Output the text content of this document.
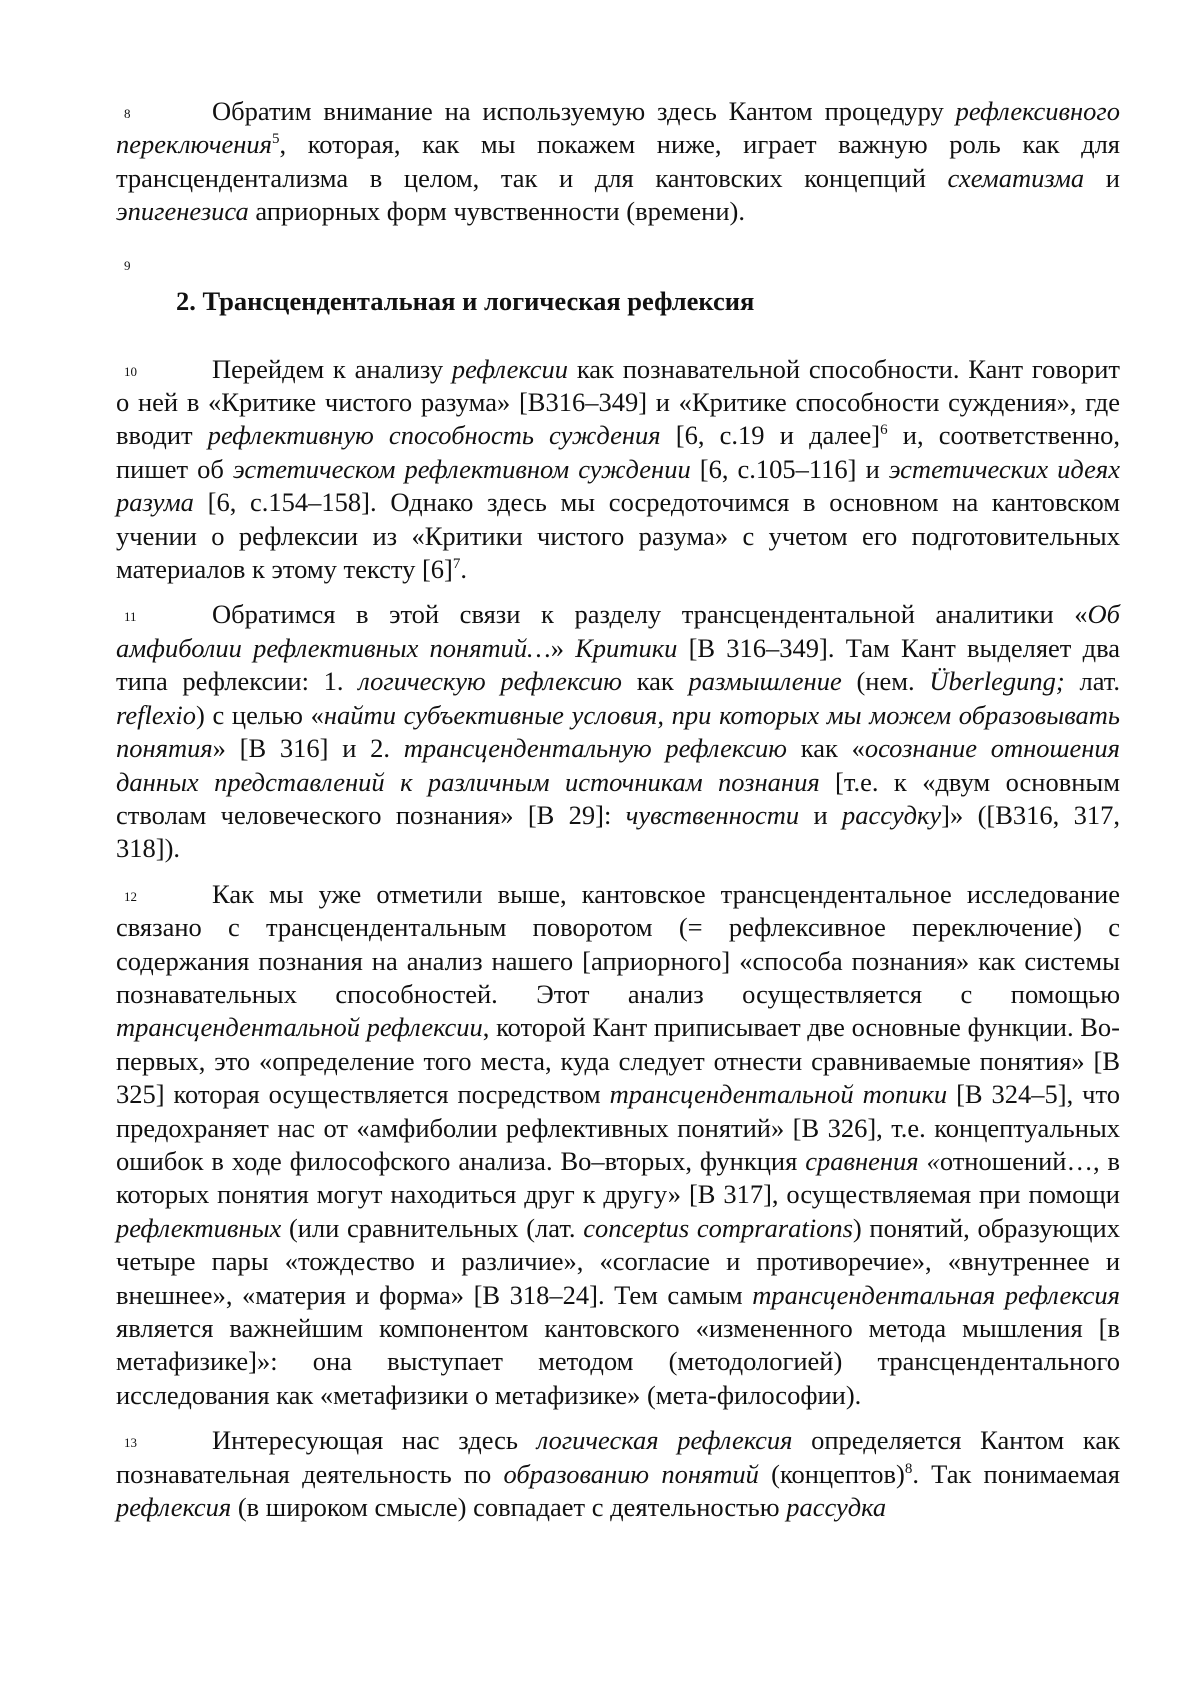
8	Обратим внимание на используемую здесь Кантом процедуру рефлексивного переключения$^5$, которая, как мы покажем ниже, играет важную роль как для трансцендентализма в целом, так и для кантовских концепций схематизма и эпигенезиса априорных форм чувственности (времени).

9
2. Трансцендентальная и логическая рефлексия

10	Перейдем к анализу рефлексии как познавательной способности. Кант говорит о ней в «Критике чистого разума» [B316–349] и «Критике способности суждения», где вводит рефлективную способность суждения [6, с.19 и далее]$^6$ и, соответственно, пишет об эстетическом рефлективном суждении [6, с.105–116] и эстетических идеях разума [6, с.154–158]. Однако здесь мы сосредоточимся в основном на кантовском учении о рефлексии из «Критики чистого разума» с учетом его подготовительных материалов к этому тексту $[6]^7$.

11	Обратимся в этой связи к разделу трансцендентальной аналитики «Об амфиболии рефлективных понятий…» Критики [В 316–349]. Там Кант выделяет два типа рефлексии: 1. логическую рефлексию как размышление (нем. Überlegung; лат. reflexio) с целью «найти субъективные условия, при которых мы можем образовывать понятия» [В 316] и 2. трансцендентальную рефлексию как «осознание отношения данных представлений к различным источникам познания [т.е. к «двум основным стволам человеческого познания» [В 29]: чувственности и рассудку]» ([В316, 317, 318]).

12	Как мы уже отметили выше, кантовское трансцендентальное исследование связано с трансцендентальным поворотом (= рефлексивное переключение) с содержания познания на анализ нашего [априорного] «способа познания» как системы познавательных способностей. Этот анализ осуществляется с помощью трансцендентальной рефлексии, которой Кант приписывает две основные функции. Во-первых, это «определение того места, куда следует отнести сравниваемые понятия» [В 325] которая осуществляется посредством трансцендентальной топики [В 324–5], что предохраняет нас от «амфиболии рефлективных понятий» [В 326], т.е. концептуальных ошибок в ходе философского анализа. Во–вторых, функция сравнения «отношений…, в которых понятия могут находиться друг к другу» [В 317], осуществляемая при помощи рефлективных (или сравнительных (лат. conceptus comprarations) понятий, образующих четыре пары «тождество и различие», «согласие и противоречие», «внутреннее и внешнее», «материя и форма» [В 318–24]. Тем самым трансцендентальная рефлексия является важнейшим компонентом кантовского «измененного метода мышления [в метафизике]»: она выступает методом (методологией) трансцендентального исследования как «метафизики о метафизике» (мета-философии).

13	Интересующая нас здесь логическая рефлексия определяется Кантом как познавательная деятельность по образованию понятий (концептов)$^8$. Так понимаемая рефлексия (в широком смысле) совпадает с деятельностью рассудка
